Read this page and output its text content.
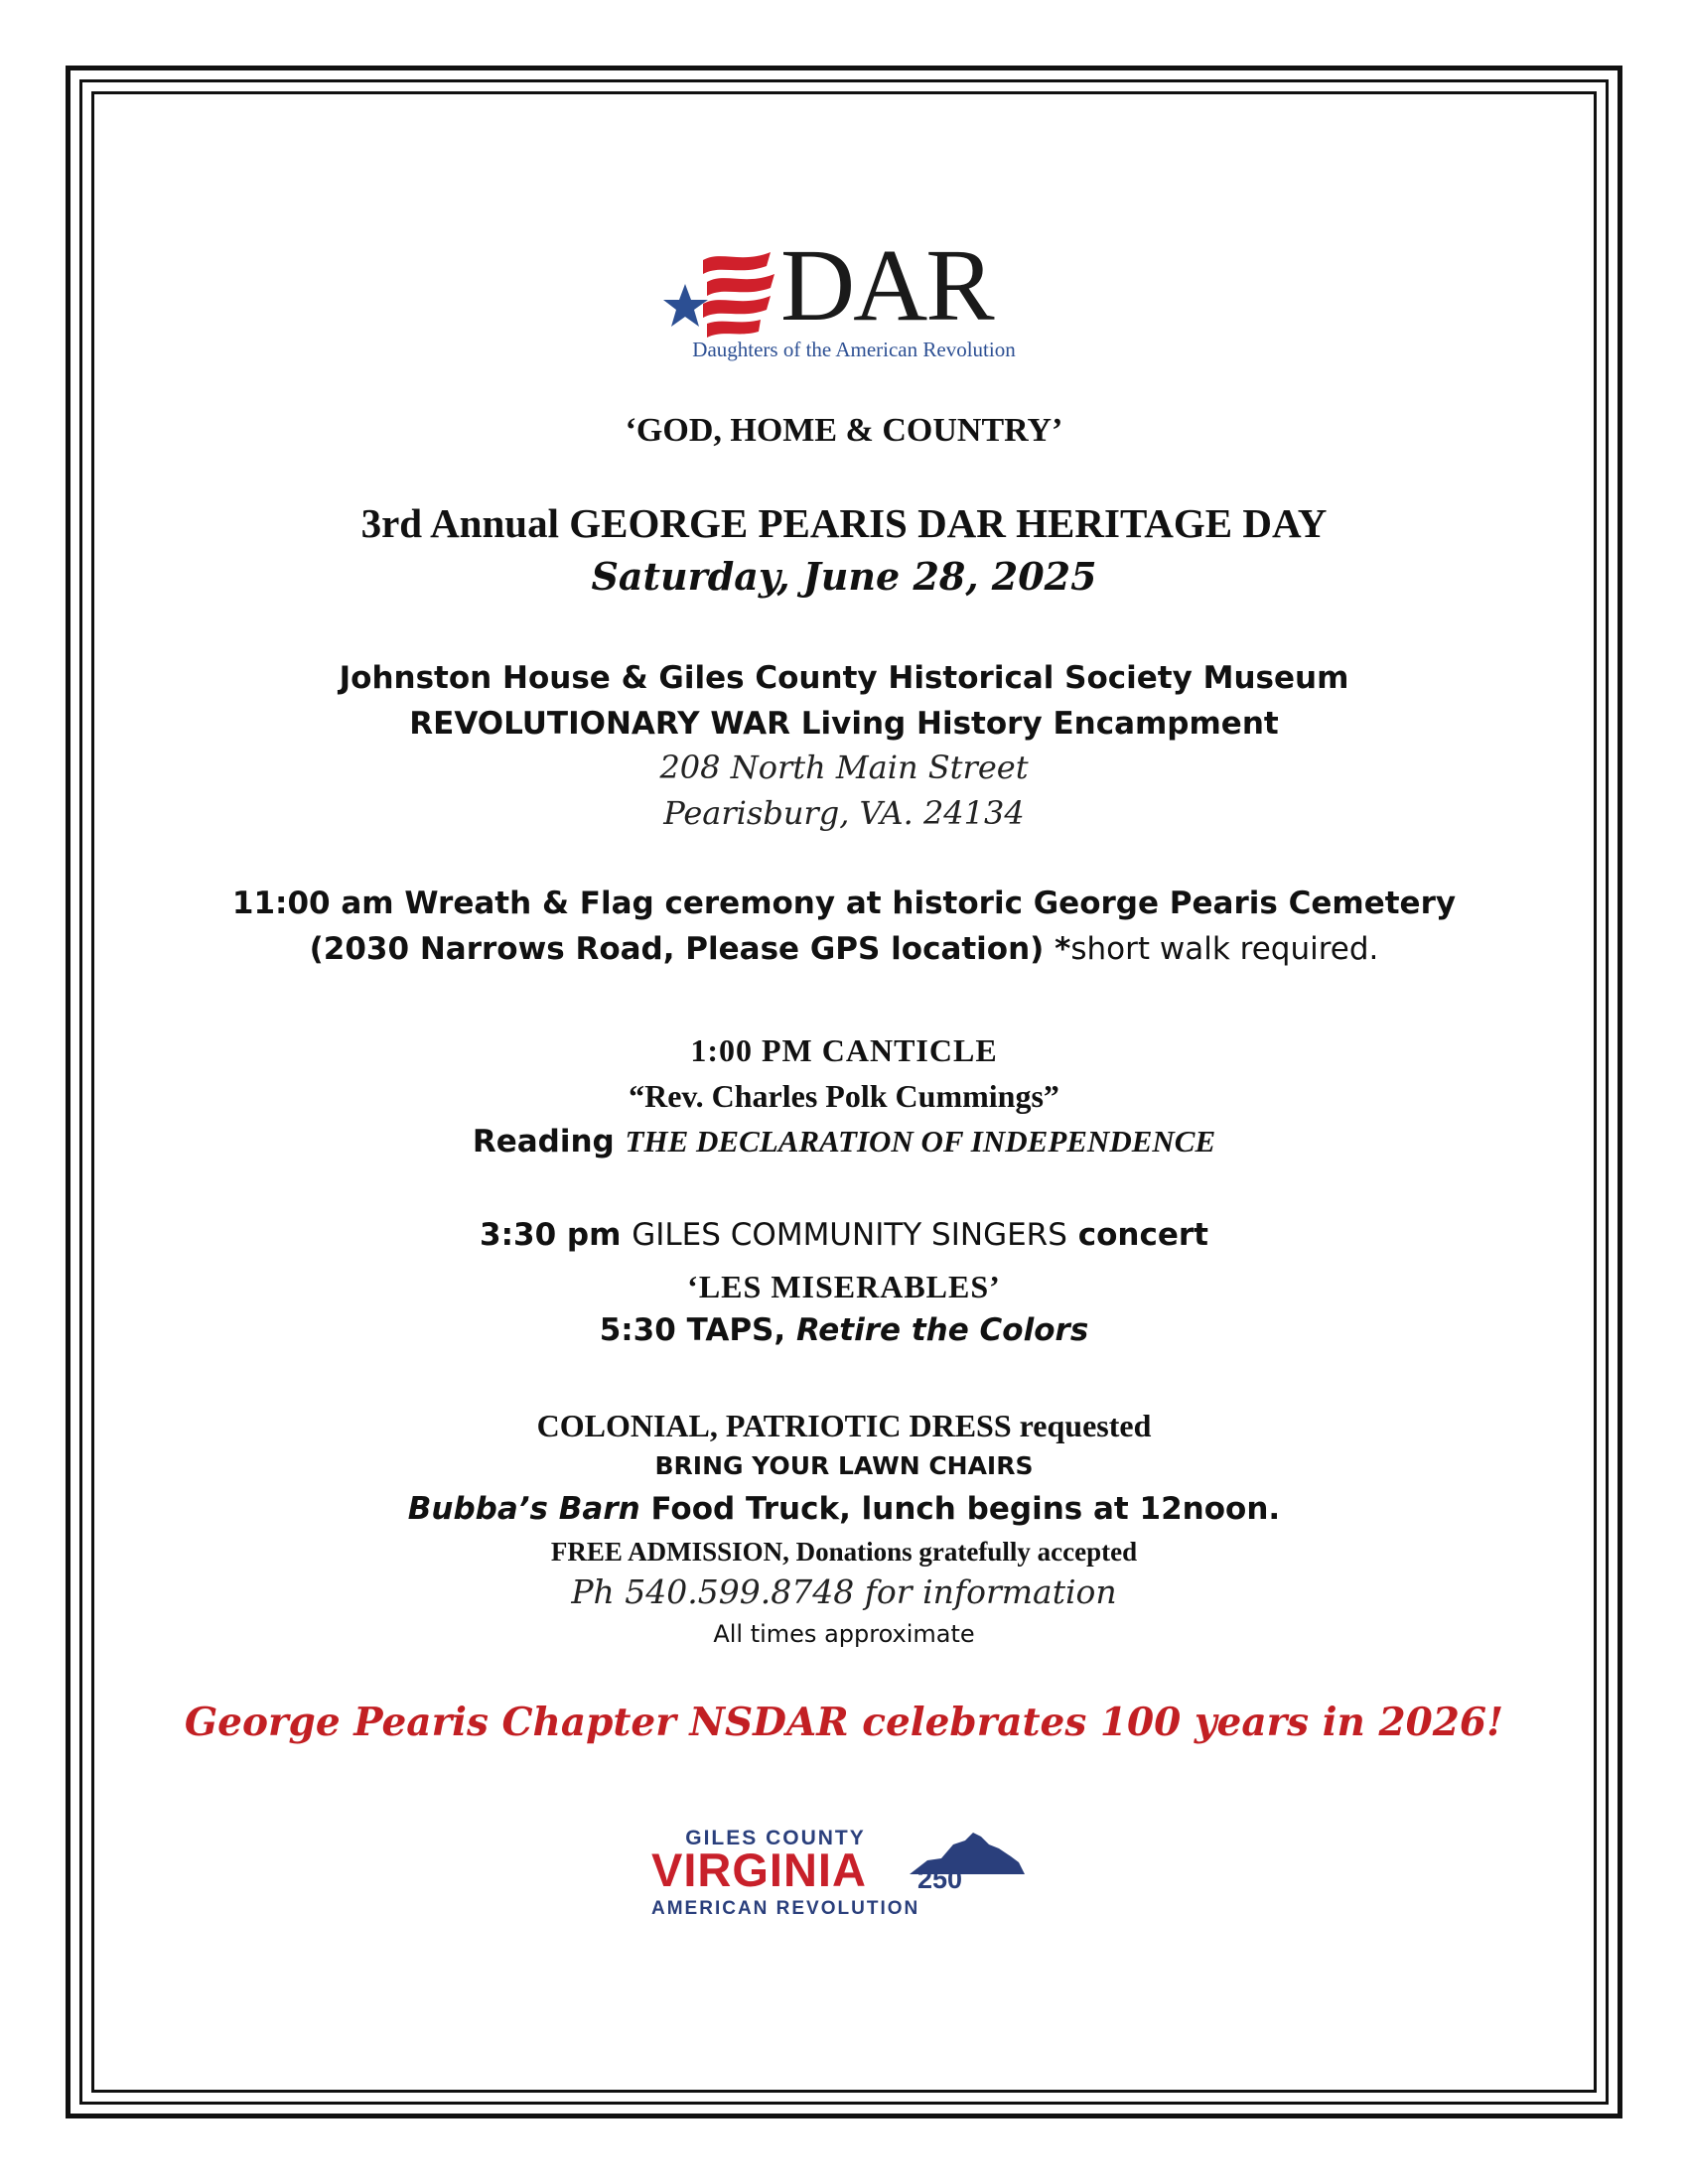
DAR
Daughters of the American Revolution
‘GOD, HOME & COUNTRY’
3rd Annual GEORGE PEARIS DAR HERITAGE DAY
Saturday, June 28, 2025
Johnston House & Giles County Historical Society Museum
REVOLUTIONARY WAR Living History Encampment
208 North Main Street
Pearisburg, VA. 24134
11:00 am Wreath & Flag ceremony at historic George Pearis Cemetery
(2030 Narrows Road, Please GPS location) *short walk required.
1:00 PM CANTICLE
“Rev. Charles Polk Cummings”
Reading THE DECLARATION OF INDEPENDENCE
3:30 pm GILES COMMUNITY SINGERS concert
‘LES MISERABLES’
5:30 TAPS, Retire the Colors
COLONIAL, PATRIOTIC DRESS requested
BRING YOUR LAWN CHAIRS
Bubba’s Barn Food Truck, lunch begins at 12noon.
FREE ADMISSION, Donations gratefully accepted
Ph 540.599.8748 for information
All times approximate
George Pearis Chapter NSDAR celebrates 100 years in 2026!
GILES COUNTY
VIRGINIA 250
AMERICAN REVOLUTION
